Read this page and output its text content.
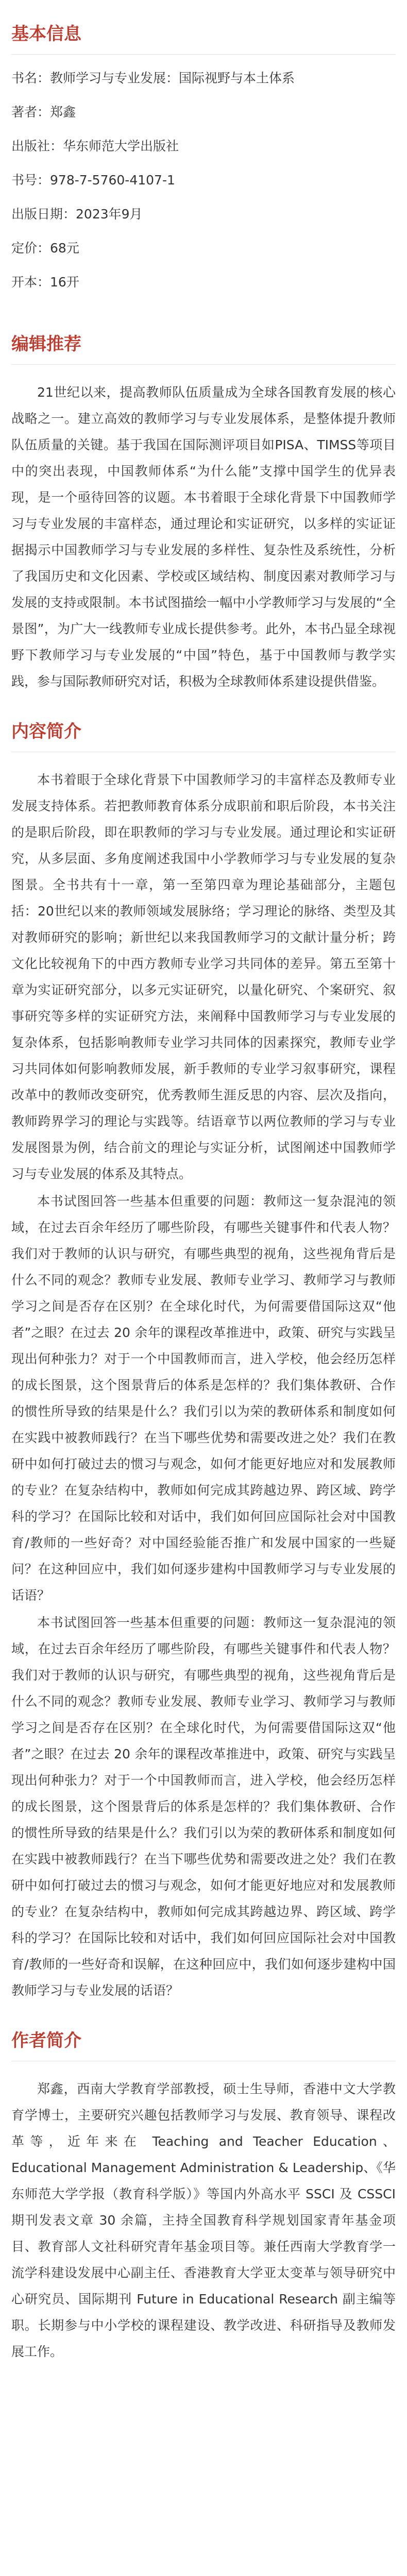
基本信息

书名：教师学习与专业发展：国际视野与本土体系

著者：郑鑫

出版社：华东师范大学出版社

书号：978-7-5760-4107-1

出版日期：2023年9月

定价：68元

开本：16开

编辑推荐

21世纪以来，提高教师队伍质量成为全球各国教育发展的核心战略之一。建立高效的教师学习与专业发展体系，是整体提升教师队伍质量的关键。基于我国在国际测评项目如PISA、TIMSS等项目中的突出表现，中国教师体系“为什么能”支撑中国学生的优异表现，是一个亟待回答的议题。本书着眼于全球化背景下中国教师学习与专业发展的丰富样态，通过理论和实证研究，以多样的实证证据揭示中国教师学习与专业发展的多样性、复杂性及系统性，分析了我国历史和文化因素、学校或区域结构、制度因素对教师学习与发展的支持或限制。本书试图描绘一幅中小学教师学习与发展的“全景图”，为广大一线教师专业成长提供参考。此外，本书凸显全球视野下教师学习与专业发展的“中国”特色，基于中国教师与教学实践，参与国际教师研究对话，积极为全球教师体系建设提供借鉴。

内容简介

本书着眼于全球化背景下中国教师学习的丰富样态及教师专业发展支持体系。若把教师教育体系分成职前和职后阶段，本书关注的是职后阶段，即在职教师的学习与专业发展。通过理论和实证研究，从多层面、多角度阐述我国中小学教师学习与专业发展的复杂图景。全书共有十一章，第一至第四章为理论基础部分，主题包括：20世纪以来的教师领域发展脉络；学习理论的脉络、类型及其对教师研究的影响；新世纪以来我国教师学习的文献计量分析；跨文化比较视角下的中西方教师专业学习共同体的差异。第五至第十章为实证研究部分，以多元实证研究，以量化研究、个案研究、叙事研究等多样的实证研究方法，来阐释中国教师学习与专业发展的复杂体系，包括影响教师专业学习共同体的因素探究，教师专业学习共同体如何影响教师发展，新手教师的专业学习叙事研究，课程改革中的教师改变研究，优秀教师生涯反思的内容、层次及指向，教师跨界学习的理论与实践等。结语章节以两位教师的学习与专业发展图景为例，结合前文的理论与实证分析，试图阐述中国教师学习与专业发展的体系及其特点。

本书试图回答一些基本但重要的问题：教师这一复杂混沌的领域，在过去百余年经历了哪些阶段，有哪些关键事件和代表人物？我们对于教师的认识与研究，有哪些典型的视角，这些视角背后是什么不同的观念？教师专业发展、教师专业学习、教师学习与教师学习之间是否存在区别？在全球化时代，为何需要借国际这双“他者”之眼？在过去 20 余年的课程改革推进中，政策、研究与实践呈现出何种张力？对于一个中国教师而言，进入学校，他会经历怎样的成长图景，这个图景背后的体系是怎样的？我们集体教研、合作的惯性所导致的结果是什么？我们引以为荣的教研体系和制度如何在实践中被教师践行？在当下哪些优势和需要改进之处？我们在教研中如何打破过去的惯习与观念，如何才能更好地应对和发展教师的专业？在复杂结构中，教师如何完成其跨越边界、跨区域、跨学科的学习？在国际比较和对话中，我们如何回应国际社会对中国教育/教师的一些好奇？对中国经验能否推广和发展中国家的一些疑问？在这种回应中，我们如何逐步建构中国教师学习与专业发展的话语？

本书试图回答一些基本但重要的问题：教师这一复杂混沌的领域，在过去百余年经历了哪些阶段，有哪些关键事件和代表人物？我们对于教师的认识与研究，有哪些典型的视角，这些视角背后是什么不同的观念？教师专业发展、教师专业学习、教师学习与教师学习之间是否存在区别？在全球化时代，为何需要借国际这双“他者”之眼？在过去 20 余年的课程改革推进中，政策、研究与实践呈现出何种张力？对于一个中国教师而言，进入学校，他会经历怎样的成长图景，这个图景背后的体系是怎样的？我们集体教研、合作的惯性所导致的结果是什么？我们引以为荣的教研体系和制度如何在实践中被教师践行？在当下哪些优势和需要改进之处？我们在教研中如何打破过去的惯习与观念，如何才能更好地应对和发展教师的专业？在复杂结构中，教师如何完成其跨越边界、跨区域、跨学科的学习？在国际比较和对话中，我们如何回应国际社会对中国教育/教师的一些好奇和误解，在这种回应中，我们如何逐步建构中国教师学习与专业发展的话语？

作者简介

郑鑫，西南大学教育学部教授，硕士生导师，香港中文大学教育学博士，主要研究兴趣包括教师学习与发展、教育领导、课程改革等，近年来在 Teaching and Teacher Education、Educational Management Administration & Leadership、《华东师范大学学报（教育科学版）》等国内外高水平 SSCI 及 CSSCI 期刊发表文章 30 余篇，主持全国教育科学规划国家青年基金项目、教育部人文社科研究青年基金项目等。兼任西南大学教育学一流学科建设发展中心副主任、香港教育大学亚太变革与领导研究中心研究员、国际期刊 Future in Educational Research 副主编等职。长期参与中小学校的课程建设、教学改进、科研指导及教师发展工作。
